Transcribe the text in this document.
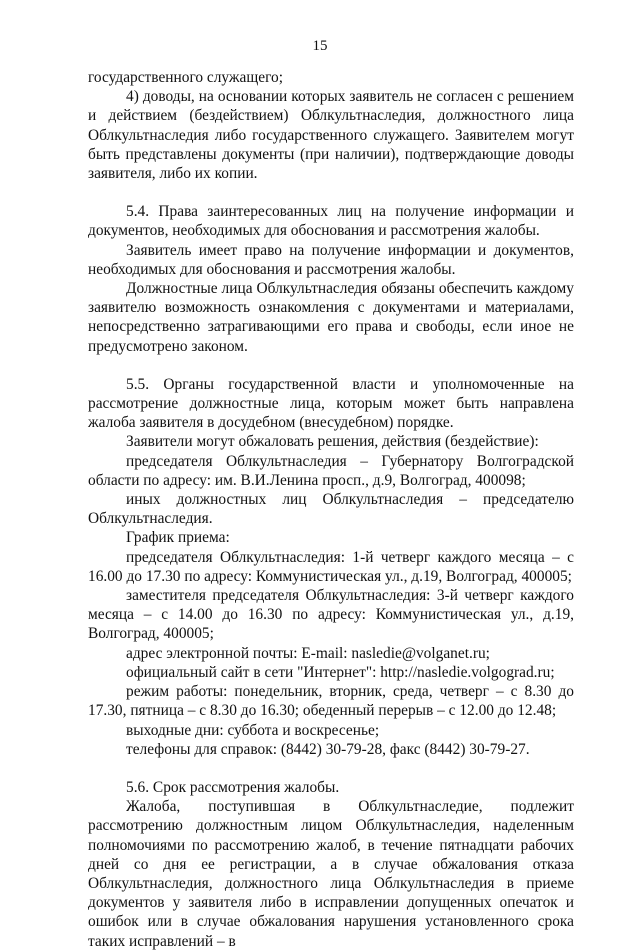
15

государственного служащего;

4) доводы, на основании которых заявитель не согласен с решением и действием (бездействием) Облкультнаследия, должностного лица Облкультнаследия либо государственного служащего. Заявителем могут быть представлены документы (при наличии), подтверждающие доводы заявителя, либо их копии.

5.4. Права заинтересованных лиц на получение информации и документов, необходимых для обоснования и рассмотрения жалобы.

Заявитель имеет право на получение информации и документов, необходимых для обоснования и рассмотрения жалобы.

Должностные лица Облкультнаследия обязаны обеспечить каждому заявителю возможность ознакомления с документами и материалами, непосредственно затрагивающими его права и свободы, если иное не предусмотрено законом.

5.5. Органы государственной власти и уполномоченные на рассмотрение должностные лица, которым может быть направлена жалоба заявителя в досудебном (внесудебном) порядке.

Заявители могут обжаловать решения, действия (бездействие):

председателя Облкультнаследия – Губернатору Волгоградской области по адресу: им. В.И.Ленина просп., д.9, Волгоград, 400098;

иных должностных лиц Облкультнаследия – председателю Облкультнаследия.

График приема:

председателя Облкультнаследия: 1-й четверг каждого месяца – с 16.00 до 17.30 по адресу: Коммунистическая ул., д.19, Волгоград, 400005;

заместителя председателя Облкультнаследия: 3-й четверг каждого месяца – с 14.00 до 16.30 по адресу: Коммунистическая ул., д.19, Волгоград, 400005;

адрес электронной почты: E-mail: nasledie@volganet.ru;

официальный сайт в сети "Интернет": http://nasledie.volgograd.ru;

режим работы: понедельник, вторник, среда, четверг – с 8.30 до 17.30, пятница – с 8.30 до 16.30; обеденный перерыв – с 12.00 до 12.48;

выходные дни: суббота и воскресенье;

телефоны для справок: (8442) 30-79-28, факс (8442) 30-79-27.

5.6. Срок рассмотрения жалобы.

Жалоба, поступившая в Облкультнаследие, подлежит рассмотрению должностным лицом Облкультнаследия, наделенным полномочиями по рассмотрению жалоб, в течение пятнадцати рабочих дней со дня ее регистрации, а в случае обжалования отказа Облкультнаследия, должностного лица Облкультнаследия в приеме документов у заявителя либо в исправлении допущенных опечаток и ошибок или в случае обжалования нарушения установленного срока таких исправлений – в
